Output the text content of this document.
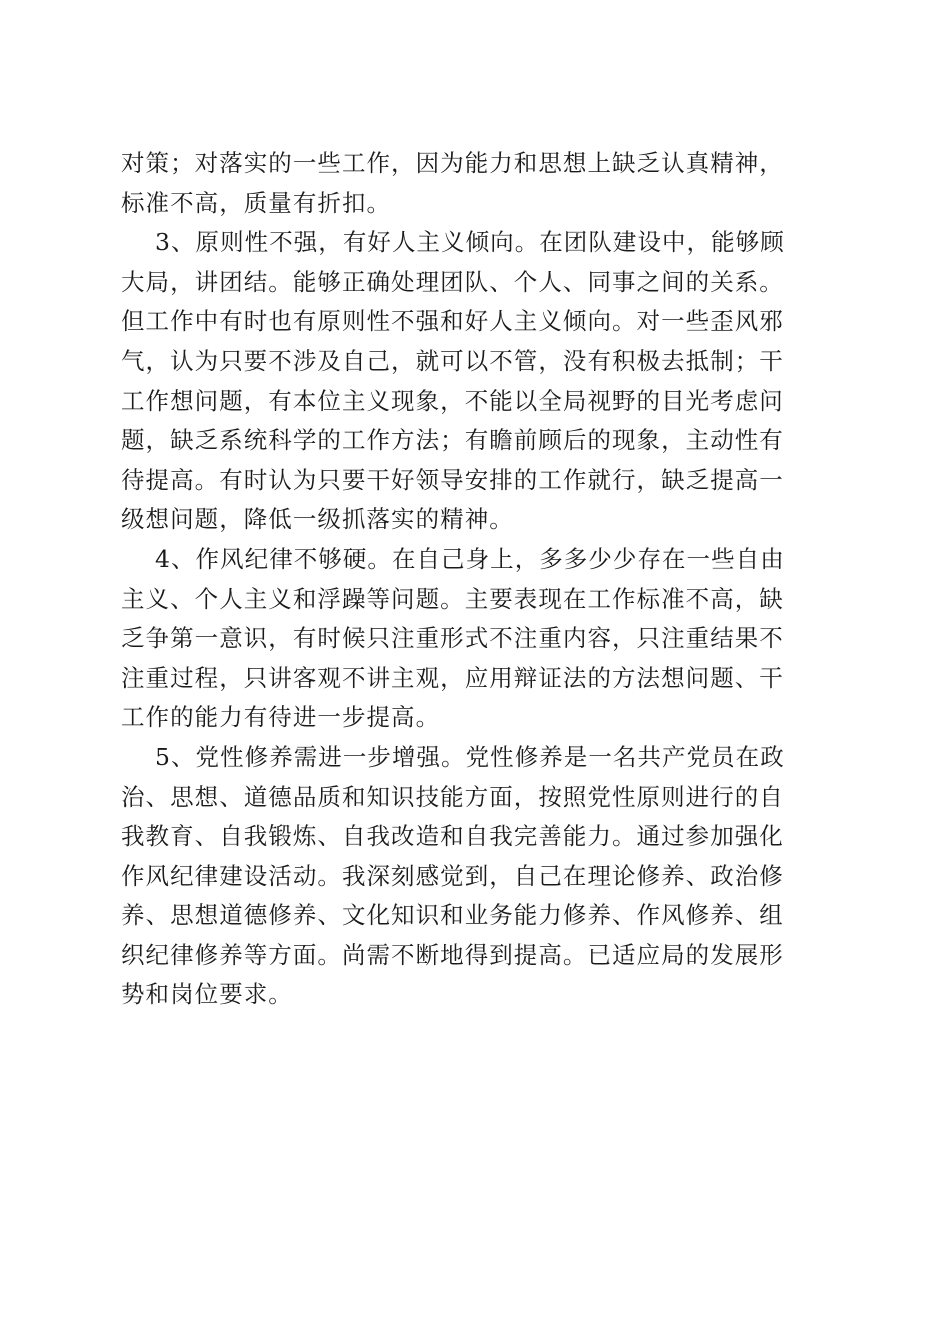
对策；对落实的一些工作，因为能力和思想上缺乏认真精神，
标准不高，质量有折扣。
3、原则性不强，有好人主义倾向。在团队建设中，能够顾
大局，讲团结。能够正确处理团队、个人、同事之间的关系。
但工作中有时也有原则性不强和好人主义倾向。对一些歪风邪
气，认为只要不涉及自己，就可以不管，没有积极去抵制；干
工作想问题，有本位主义现象，不能以全局视野的目光考虑问
题，缺乏系统科学的工作方法；有瞻前顾后的现象，主动性有
待提高。有时认为只要干好领导安排的工作就行，缺乏提高一
级想问题，降低一级抓落实的精神。
4、作风纪律不够硬。在自己身上，多多少少存在一些自由
主义、个人主义和浮躁等问题。主要表现在工作标准不高，缺
乏争第一意识，有时候只注重形式不注重内容，只注重结果不
注重过程，只讲客观不讲主观，应用辩证法的方法想问题、干
工作的能力有待进一步提高。
5、党性修养需进一步增强。党性修养是一名共产党员在政
治、思想、道德品质和知识技能方面，按照党性原则进行的自
我教育、自我锻炼、自我改造和自我完善能力。通过参加强化
作风纪律建设活动。我深刻感觉到，自己在理论修养、政治修
养、思想道德修养、文化知识和业务能力修养、作风修养、组
织纪律修养等方面。尚需不断地得到提高。已适应局的发展形
势和岗位要求。
